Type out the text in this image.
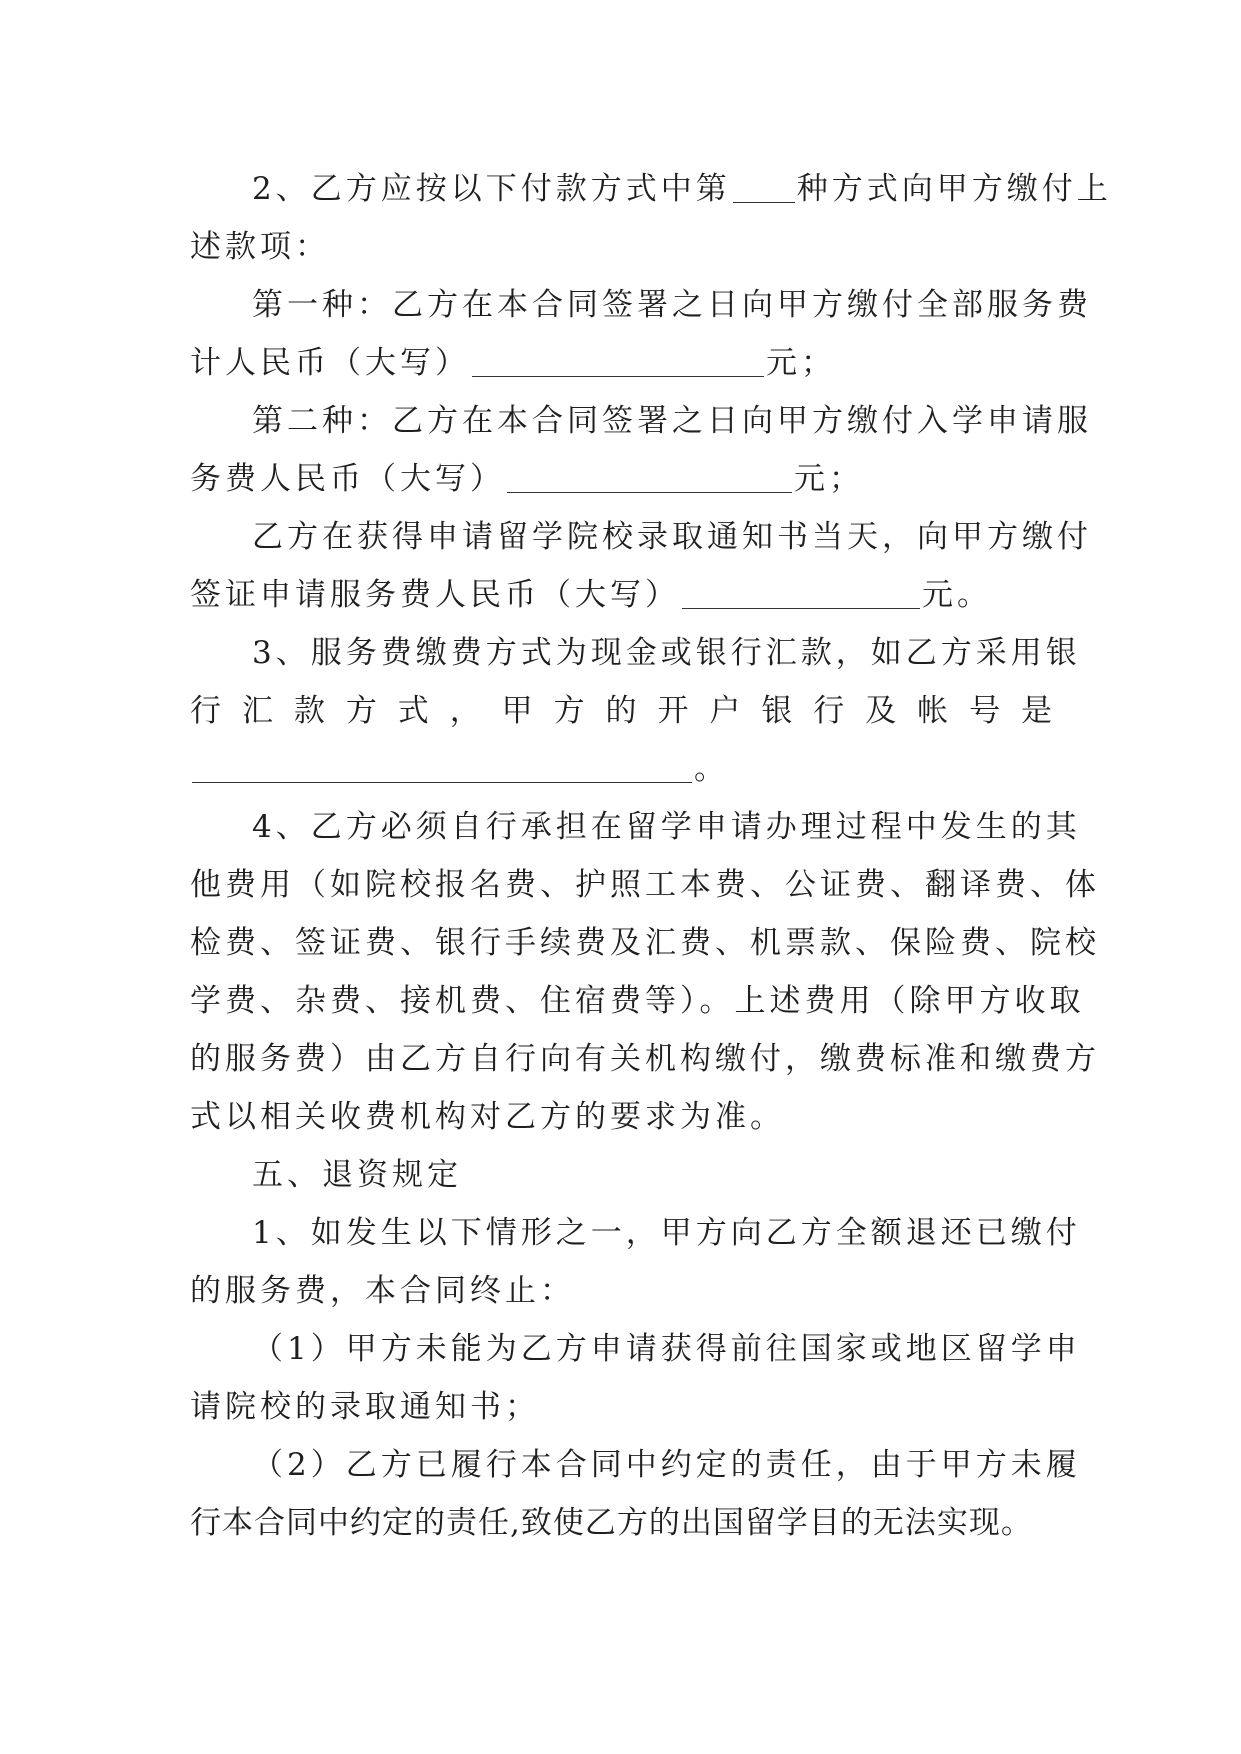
2、乙方应按以下付款方式中第 种方式向甲方缴付上
述款项：

第一种：乙方在本合同签署之日向甲方缴付全部服务费
计人民币（大写）	元；

第二种：乙方在本合同签署之日向甲方缴付入学申请服
务费人民币（大写）	元；

乙方在获得申请留学院校录取通知书当天，向甲方缴付
签证申请服务费人民币（大写）	元。

3、服务费缴费方式为现金或银行汇款，如乙方采用银
行 汇 款 方 式 ， 甲 方 的 开 户 银 行 及 帐 号 是
。

4、乙方必须自行承担在留学申请办理过程中发生的其
他费用（如院校报名费、护照工本费、公证费、翻译费、体
检费、签证费、银行手续费及汇费、机票款、保险费、院校
学费、杂费、接机费、住宿费等）。上述费用（除甲方收取
的服务费）由乙方自行向有关机构缴付，缴费标准和缴费方
式以相关收费机构对乙方的要求为准。

五、退资规定

1、如发生以下情形之一，甲方向乙方全额退还已缴付
的服务费，本合同终止：

（1）甲方未能为乙方申请获得前往国家或地区留学申
请院校的录取通知书；

（2）乙方已履行本合同中约定的责任，由于甲方未履
行本合同中约定的责任,致使乙方的出国留学目的无法实现。
